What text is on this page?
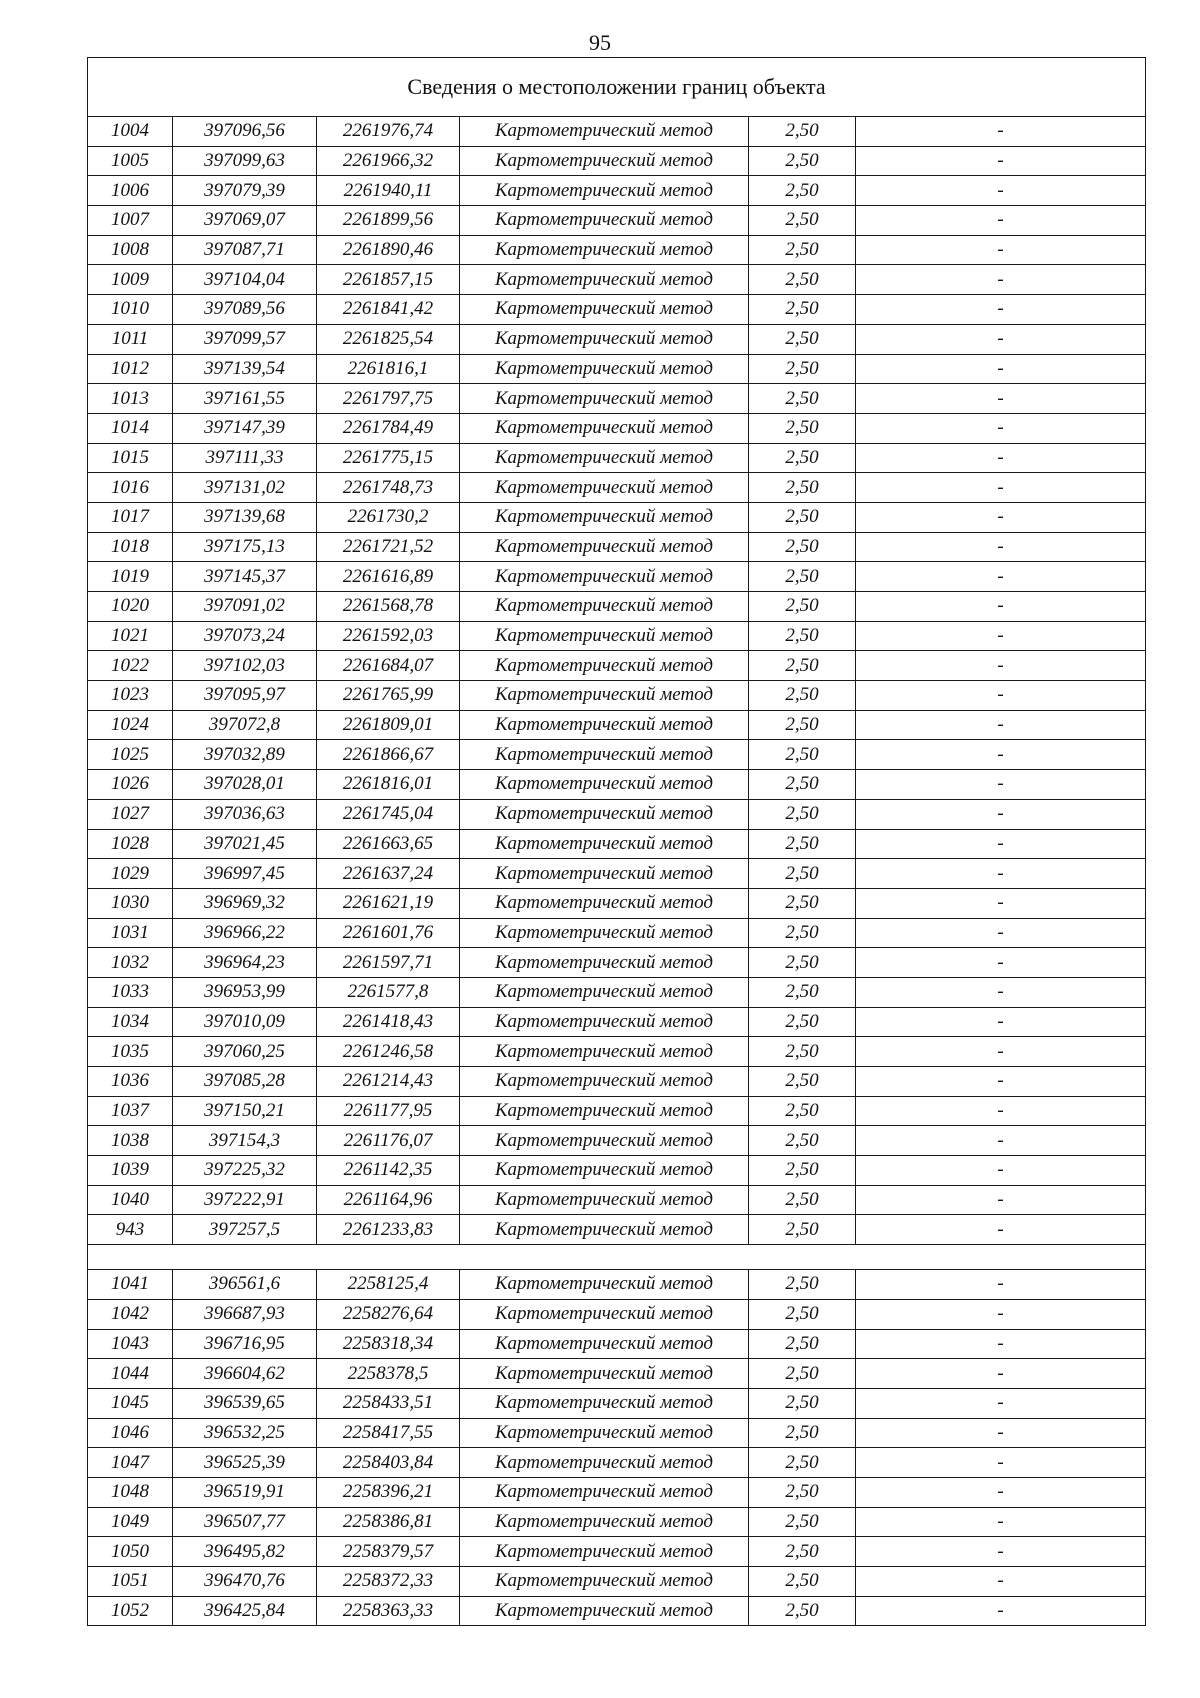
95
Сведения о местоположении границ объекта					
1004	397096,56	2261976,74	Картометрический метод	2,50	-
1005	397099,63	2261966,32	Картометрический метод	2,50	-
1006	397079,39	2261940,11	Картометрический метод	2,50	-
1007	397069,07	2261899,56	Картометрический метод	2,50	-
1008	397087,71	2261890,46	Картометрический метод	2,50	-
1009	397104,04	2261857,15	Картометрический метод	2,50	-
1010	397089,56	2261841,42	Картометрический метод	2,50	-
1011	397099,57	2261825,54	Картометрический метод	2,50	-
1012	397139,54	2261816,1	Картометрический метод	2,50	-
1013	397161,55	2261797,75	Картометрический метод	2,50	-
1014	397147,39	2261784,49	Картометрический метод	2,50	-
1015	397111,33	2261775,15	Картометрический метод	2,50	-
1016	397131,02	2261748,73	Картометрический метод	2,50	-
1017	397139,68	2261730,2	Картометрический метод	2,50	-
1018	397175,13	2261721,52	Картометрический метод	2,50	-
1019	397145,37	2261616,89	Картометрический метод	2,50	-
1020	397091,02	2261568,78	Картометрический метод	2,50	-
1021	397073,24	2261592,03	Картометрический метод	2,50	-
1022	397102,03	2261684,07	Картометрический метод	2,50	-
1023	397095,97	2261765,99	Картометрический метод	2,50	-
1024	397072,8	2261809,01	Картометрический метод	2,50	-
1025	397032,89	2261866,67	Картометрический метод	2,50	-
1026	397028,01	2261816,01	Картометрический метод	2,50	-
1027	397036,63	2261745,04	Картометрический метод	2,50	-
1028	397021,45	2261663,65	Картометрический метод	2,50	-
1029	396997,45	2261637,24	Картометрический метод	2,50	-
1030	396969,32	2261621,19	Картометрический метод	2,50	-
1031	396966,22	2261601,76	Картометрический метод	2,50	-
1032	396964,23	2261597,71	Картометрический метод	2,50	-
1033	396953,99	2261577,8	Картометрический метод	2,50	-
1034	397010,09	2261418,43	Картометрический метод	2,50	-
1035	397060,25	2261246,58	Картометрический метод	2,50	-
1036	397085,28	2261214,43	Картометрический метод	2,50	-
1037	397150,21	2261177,95	Картометрический метод	2,50	-
1038	397154,3	2261176,07	Картометрический метод	2,50	-
1039	397225,32	2261142,35	Картометрический метод	2,50	-
1040	397222,91	2261164,96	Картометрический метод	2,50	-
943	397257,5	2261233,83	Картометрический метод	2,50	-

1041	396561,6	2258125,4	Картометрический метод	2,50	-
1042	396687,93	2258276,64	Картометрический метод	2,50	-
1043	396716,95	2258318,34	Картометрический метод	2,50	-
1044	396604,62	2258378,5	Картометрический метод	2,50	-
1045	396539,65	2258433,51	Картометрический метод	2,50	-
1046	396532,25	2258417,55	Картометрический метод	2,50	-
1047	396525,39	2258403,84	Картометрический метод	2,50	-
1048	396519,91	2258396,21	Картометрический метод	2,50	-
1049	396507,77	2258386,81	Картометрический метод	2,50	-
1050	396495,82	2258379,57	Картометрический метод	2,50	-
1051	396470,76	2258372,33	Картометрический метод	2,50	-
1052	396425,84	2258363,33	Картометрический метод	2,50	-
